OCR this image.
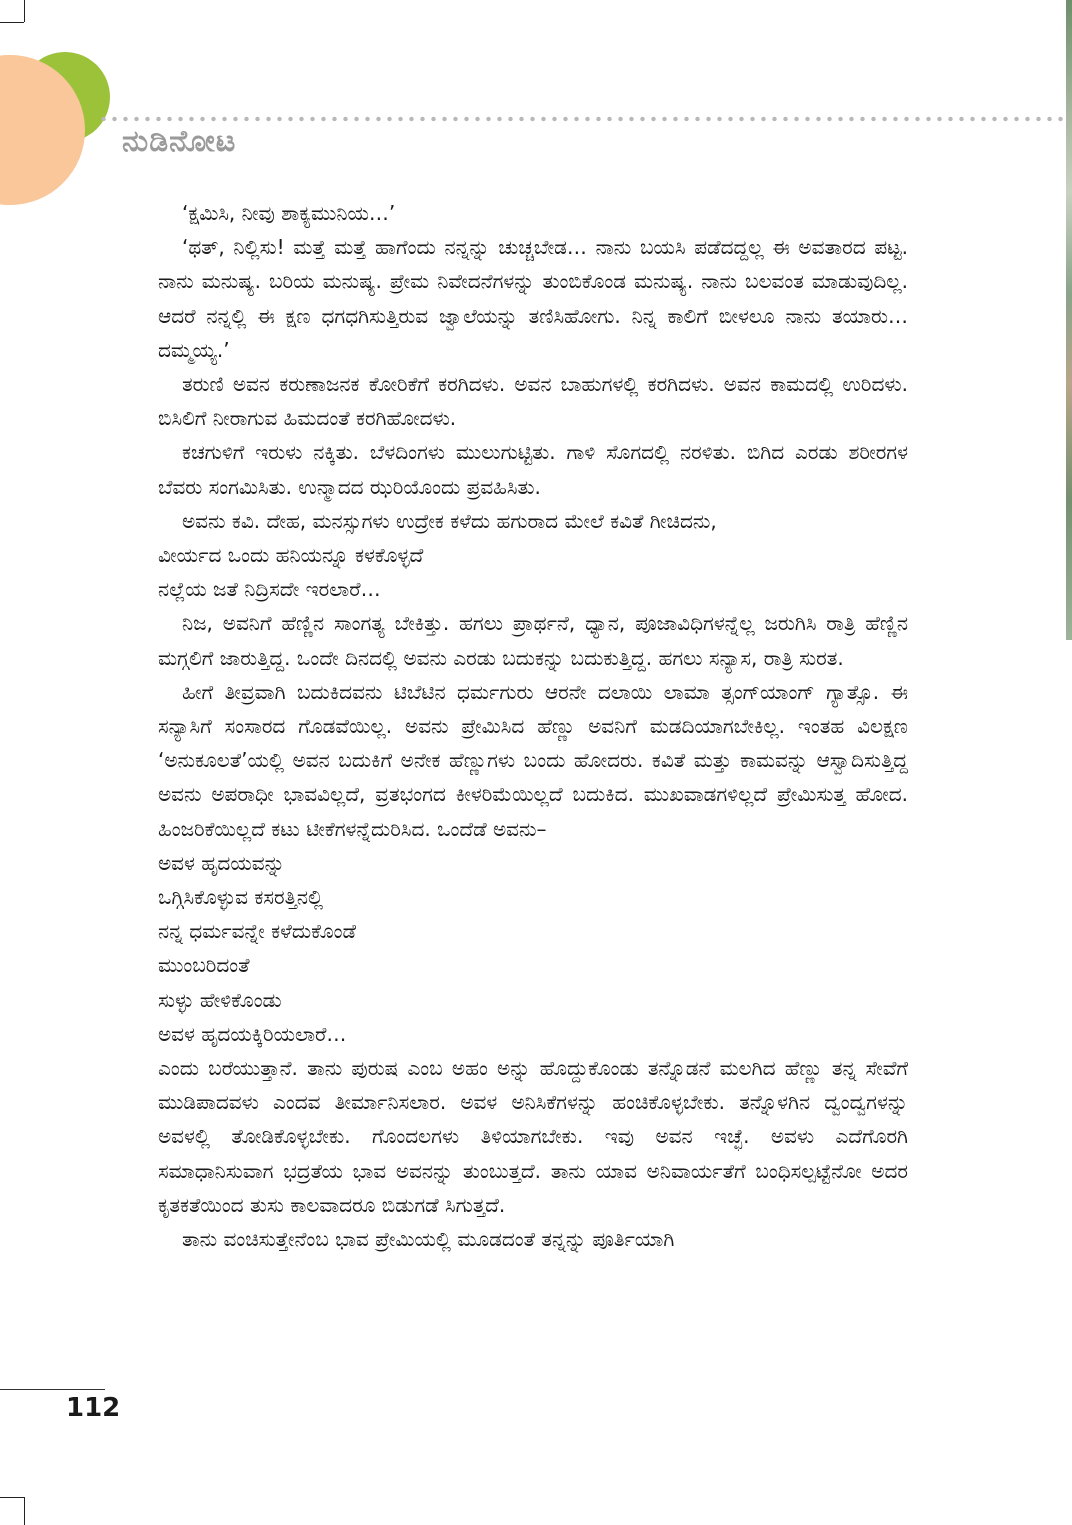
ನುಡಿನೋಟ

‘ಕ್ಷಮಿಸಿ, ನೀವು ಶಾಕ್ಯಮುನಿಯ…’

‘ಥತ್, ನಿಲ್ಲಿಸು! ಮತ್ತೆ ಮತ್ತೆ ಹಾಗೆಂದು ನನ್ನನ್ನು ಚುಚ್ಚಬೇಡ… ನಾನು ಬಯಸಿ ಪಡೆದದ್ದಲ್ಲ ಈ ಅವತಾರದ ಪಟ್ಟ. ನಾನು ಮನುಷ್ಯ. ಬರಿಯ ಮನುಷ್ಯ. ಪ್ರೇಮ ನಿವೇದನೆಗಳನ್ನು ತುಂಬಿಕೊಂಡ ಮನುಷ್ಯ. ನಾನು ಬಲವಂತ ಮಾಡುವುದಿಲ್ಲ. ಆದರೆ ನನ್ನಲ್ಲಿ ಈ ಕ್ಷಣ ಧಗಧಗಿಸುತ್ತಿರುವ ಜ್ವಾಲೆಯನ್ನು ತಣಿಸಿಹೋಗು. ನಿನ್ನ ಕಾಲಿಗೆ ಬೀಳಲೂ ನಾನು ತಯಾರು… ದಮ್ಮಯ್ಯ.’

ತರುಣಿ ಅವನ ಕರುಣಾಜನಕ ಕೋರಿಕೆಗೆ ಕರಗಿದಳು. ಅವನ ಬಾಹುಗಳಲ್ಲಿ ಕರಗಿದಳು. ಅವನ ಕಾಮದಲ್ಲಿ ಉರಿದಳು. ಬಿಸಿಲಿಗೆ ನೀರಾಗುವ ಹಿಮದಂತೆ ಕರಗಿಹೋದಳು.

ಕಚಗುಳಿಗೆ ಇರುಳು ನಕ್ಕಿತು. ಬೆಳದಿಂಗಳು ಮುಲುಗುಟ್ಟಿತು. ಗಾಳಿ ಸೊಗದಲ್ಲಿ ನರಳಿತು. ಬಿಗಿದ ಎರಡು ಶರೀರಗಳ ಬೆವರು ಸಂಗಮಿಸಿತು. ಉನ್ಮಾದದ ಝರಿಯೊಂದು ಪ್ರವಹಿಸಿತು.

ಅವನು ಕವಿ. ದೇಹ, ಮನಸ್ಸುಗಳು ಉದ್ರೇಕ ಕಳೆದು ಹಗುರಾದ ಮೇಲೆ ಕವಿತೆ ಗೀಚಿದನು,

ವೀರ್ಯದ ಒಂದು ಹನಿಯನ್ನೂ ಕಳಕೊಳ್ಳದೆ
ನಲ್ಲೆಯ ಜತೆ ನಿದ್ರಿಸದೇ ಇರಲಾರೆ…

ನಿಜ, ಅವನಿಗೆ ಹೆಣ್ಣಿನ ಸಾಂಗತ್ಯ ಬೇಕಿತ್ತು. ಹಗಲು ಪ್ರಾರ್ಥನೆ, ಧ್ಯಾನ, ಪೂಜಾವಿಧಿಗಳನ್ನೆಲ್ಲ ಜರುಗಿಸಿ ರಾತ್ರಿ ಹೆಣ್ಣಿನ ಮಗ್ಗಲಿಗೆ ಜಾರುತ್ತಿದ್ದ. ಒಂದೇ ದಿನದಲ್ಲಿ ಅವನು ಎರಡು ಬದುಕನ್ನು ಬದುಕುತ್ತಿದ್ದ. ಹಗಲು ಸನ್ಯಾಸ, ರಾತ್ರಿ ಸುರತ.

ಹೀಗೆ ತೀವ್ರವಾಗಿ ಬದುಕಿದವನು ಟಿಬೆಟಿನ ಧರ್ಮಗುರು ಆರನೇ ದಲಾಯಿ ಲಾಮಾ ತ್ಸಂಗ್‌ಯಾಂಗ್ ಗ್ಯಾತ್ಸೊ. ಈ ಸನ್ಯಾಸಿಗೆ ಸಂಸಾರದ ಗೊಡವೆಯಿಲ್ಲ. ಅವನು ಪ್ರೇಮಿಸಿದ ಹೆಣ್ಣು ಅವನಿಗೆ ಮಡದಿಯಾಗಬೇಕಿಲ್ಲ. ಇಂತಹ ವಿಲಕ್ಷಣ ‘ಅನುಕೂಲತೆ’ಯಲ್ಲಿ ಅವನ ಬದುಕಿಗೆ ಅನೇಕ ಹೆಣ್ಣುಗಳು ಬಂದು ಹೋದರು. ಕವಿತೆ ಮತ್ತು ಕಾಮವನ್ನು ಆಸ್ವಾದಿಸುತ್ತಿದ್ದ ಅವನು ಅಪರಾಧೀ ಭಾವವಿಲ್ಲದೆ, ವ್ರತಭಂಗದ ಕೀಳರಿಮೆಯಿಲ್ಲದೆ ಬದುಕಿದ. ಮುಖವಾಡಗಳಿಲ್ಲದೆ ಪ್ರೇಮಿಸುತ್ತ ಹೋದ. ಹಿಂಜರಿಕೆಯಿಲ್ಲದೆ ಕಟು ಟೀಕೆಗಳನ್ನೆದುರಿಸಿದ. ಒಂದೆಡೆ ಅವನು–

ಅವಳ ಹೃದಯವನ್ನು
ಒಗ್ಗಿಸಿಕೊಳ್ಳುವ ಕಸರತ್ತಿನಲ್ಲಿ
ನನ್ನ ಧರ್ಮವನ್ನೇ ಕಳೆದುಕೊಂಡೆ
ಮುಂಬರಿದಂತೆ
ಸುಳ್ಳು ಹೇಳಿಕೊಂಡು
ಅವಳ ಹೃದಯಕ್ಕಿರಿಯಲಾರೆ…

ಎಂದು ಬರೆಯುತ್ತಾನೆ. ತಾನು ಪುರುಷ ಎಂಬ ಅಹಂ ಅನ್ನು ಹೊದ್ದುಕೊಂಡು ತನ್ನೊಡನೆ ಮಲಗಿದ ಹೆಣ್ಣು ತನ್ನ ಸೇವೆಗೆ ಮುಡಿಪಾದವಳು ಎಂದವ ತೀರ್ಮಾನಿಸಲಾರ. ಅವಳ ಅನಿಸಿಕೆಗಳನ್ನು ಹಂಚಿಕೊಳ್ಳಬೇಕು. ತನ್ನೊಳಗಿನ ದ್ವಂದ್ವಗಳನ್ನು ಅವಳಲ್ಲಿ ತೋಡಿಕೊಳ್ಳಬೇಕು. ಗೊಂದಲಗಳು ತಿಳಿಯಾಗಬೇಕು. ಇವು ಅವನ ಇಚ್ಛೆ. ಅವಳು ಎದೆಗೊರಗಿ ಸಮಾಧಾನಿಸುವಾಗ ಭದ್ರತೆಯ ಭಾವ ಅವನನ್ನು ತುಂಬುತ್ತದೆ. ತಾನು ಯಾವ ಅನಿವಾರ್ಯತೆಗೆ ಬಂಧಿಸಲ್ಪಟ್ಟೆನೋ ಅದರ ಕೃತಕತೆಯಿಂದ ತುಸು ಕಾಲವಾದರೂ ಬಿಡುಗಡೆ ಸಿಗುತ್ತದೆ.

ತಾನು ವಂಚಿಸುತ್ತೇನೆಂಬ ಭಾವ ಪ್ರೇಮಿಯಲ್ಲಿ ಮೂಡದಂತೆ ತನ್ನನ್ನು ಪೂರ್ತಿಯಾಗಿ

112
